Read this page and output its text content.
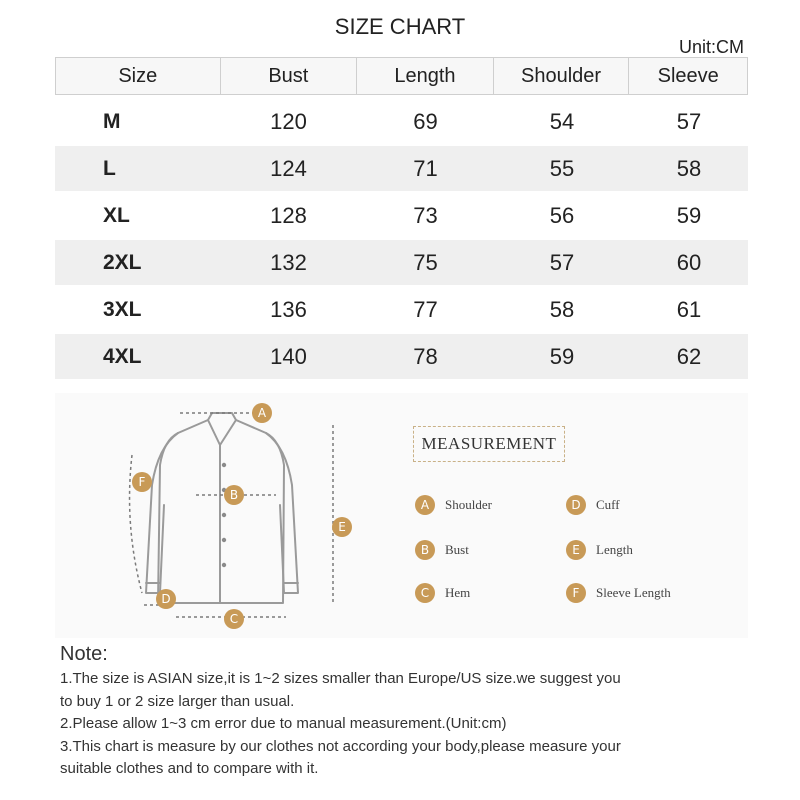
SIZE CHART
Unit:CM
Size	Bust	Length	Shoulder	Sleeve
M	120	69	54	57
L	124	71	55	58
XL	128	73	56	59
2XL	132	75	57	60
3XL	136	77	58	61
4XL	140	78	59	62
A
B
C
D
E
F
MEASUREMENT
A	Shoulder	D	Cuff
B	Bust	E	Length
C	Hem	F	Sleeve Length
Note:
1.The size is ASIAN size,it is 1~2 sizes smaller than Europe/US size.we suggest you
to buy 1 or 2 size larger than usual.
2.Please allow 1~3 cm error due to manual measurement.(Unit:cm)
3.This chart is measure by our clothes not according your body,please measure your
suitable clothes and to compare with it.
